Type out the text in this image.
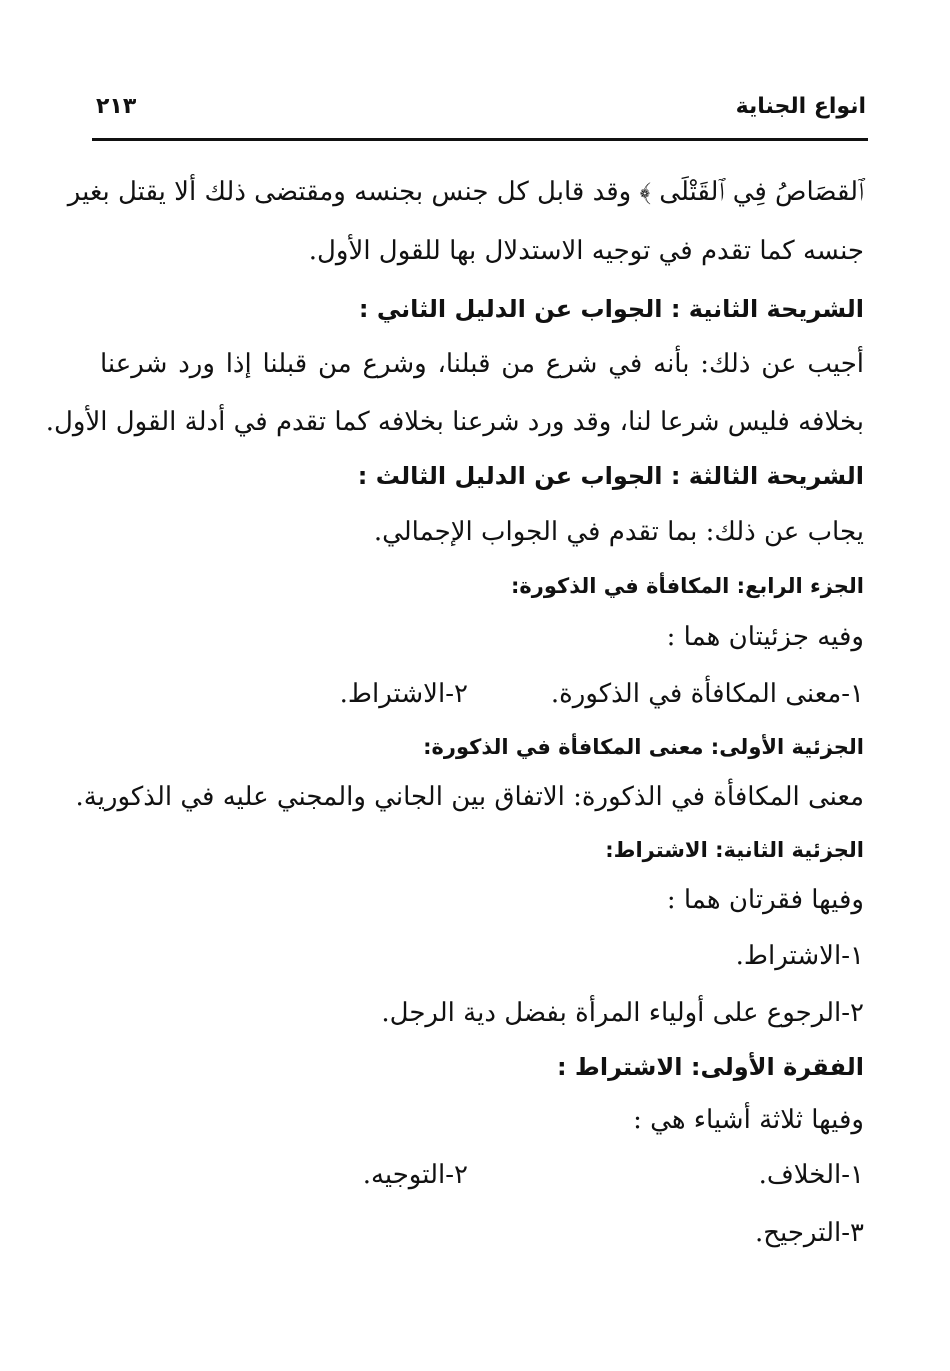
انواع الجناية
٢١٣
ﭐﻟﻘﺼَﺎصُ ﻓِﻲ ﭐﻟﻘَﺘْﻠَﻰ ﴾ وقد قابل كل جنس بجنسه ومقتضى ذلك ألا يقتل بغير
جنسه كما تقدم في توجيه الاستدلال بها للقول الأول.
الشريحة الثانية : الجواب عن الدليل الثاني :
أجيب عن ذلك: بأنه في شرع من قبلنا، وشرع من قبلنا إذا ورد شرعنا
بخلافه فليس شرعا لنا، وقد ورد شرعنا بخلافه كما تقدم في أدلة القول الأول.
الشريحة الثالثة : الجواب عن الدليل الثالث :
يجاب عن ذلك: بما تقدم في الجواب الإجمالي.
الجزء الرابع: المكافأة في الذكورة:
وفيه جزئيتان هما :
١-معنى المكافأة في الذكورة.
٢-الاشتراط.
الجزئية الأولى: معنى المكافأة في الذكورة:
معنى المكافأة في الذكورة: الاتفاق بين الجاني والمجني عليه في الذكورية.
الجزئية الثانية: الاشتراط:
وفيها فقرتان هما :
١-الاشتراط.
٢-الرجوع على أولياء المرأة بفضل دية الرجل.
الفقرة الأولى: الاشتراط :
وفيها ثلاثة أشياء هي :
١-الخلاف.
٢-التوجيه.
٣-الترجيح.
